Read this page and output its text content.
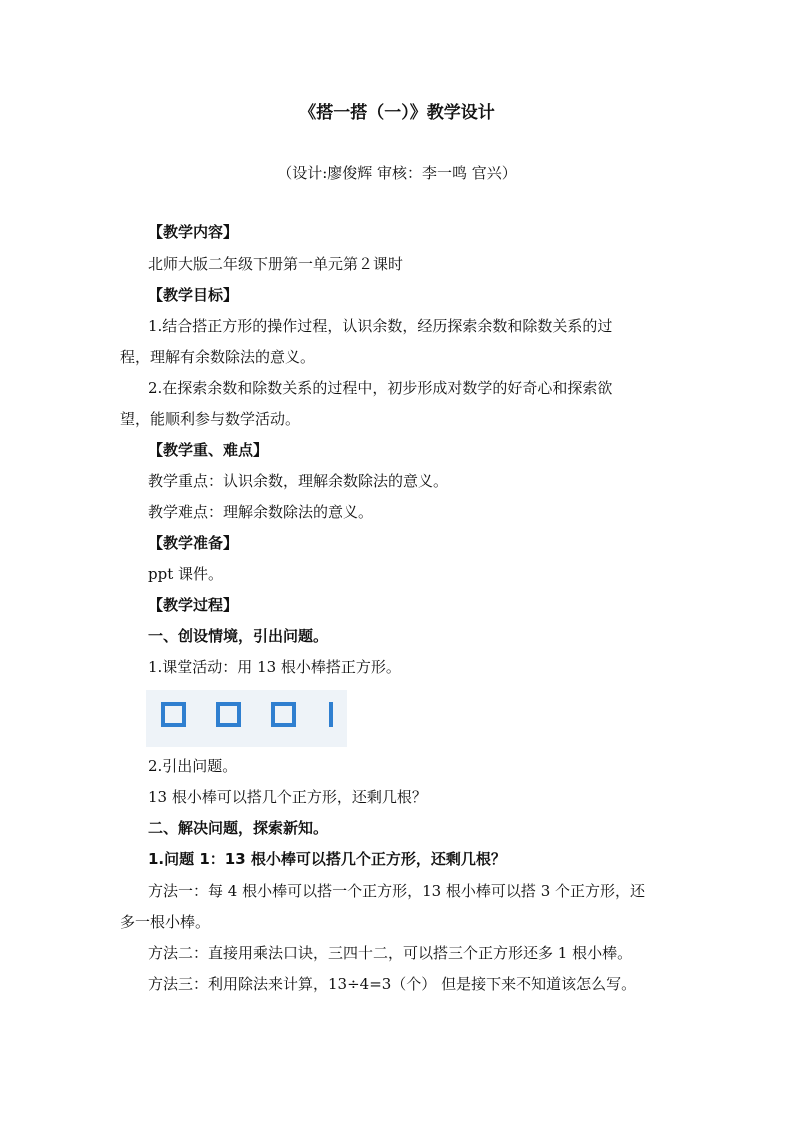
《搭一搭（一）》教学设计
（设计:廖俊辉 审核：李一鸣 官兴）
【教学内容】
北师大版二年级下册第一单元第２课时
【教学目标】
1.结合搭正方形的操作过程，认识余数，经历探索余数和除数关系的过
程，理解有余数除法的意义。
2.在探索余数和除数关系的过程中，初步形成对数学的好奇心和探索欲
望，能顺利参与数学活动。
【教学重、难点】
教学重点：认识余数，理解余数除法的意义。
教学难点：理解余数除法的意义。
【教学准备】
ppt 课件。
【教学过程】
一、创设情境，引出问题。
1.课堂活动：用 13 根小棒搭正方形。
2.引出问题。
13 根小棒可以搭几个正方形，还剩几根？
二、解决问题，探索新知。
1.问题 1：13 根小棒可以搭几个正方形，还剩几根？
方法一：每 4 根小棒可以搭一个正方形，13 根小棒可以搭 3 个正方形，还
多一根小棒。
方法二：直接用乘法口诀，三四十二，可以搭三个正方形还多 1 根小棒。
方法三：利用除法来计算，13÷4=3（个） 但是接下来不知道该怎么写。
